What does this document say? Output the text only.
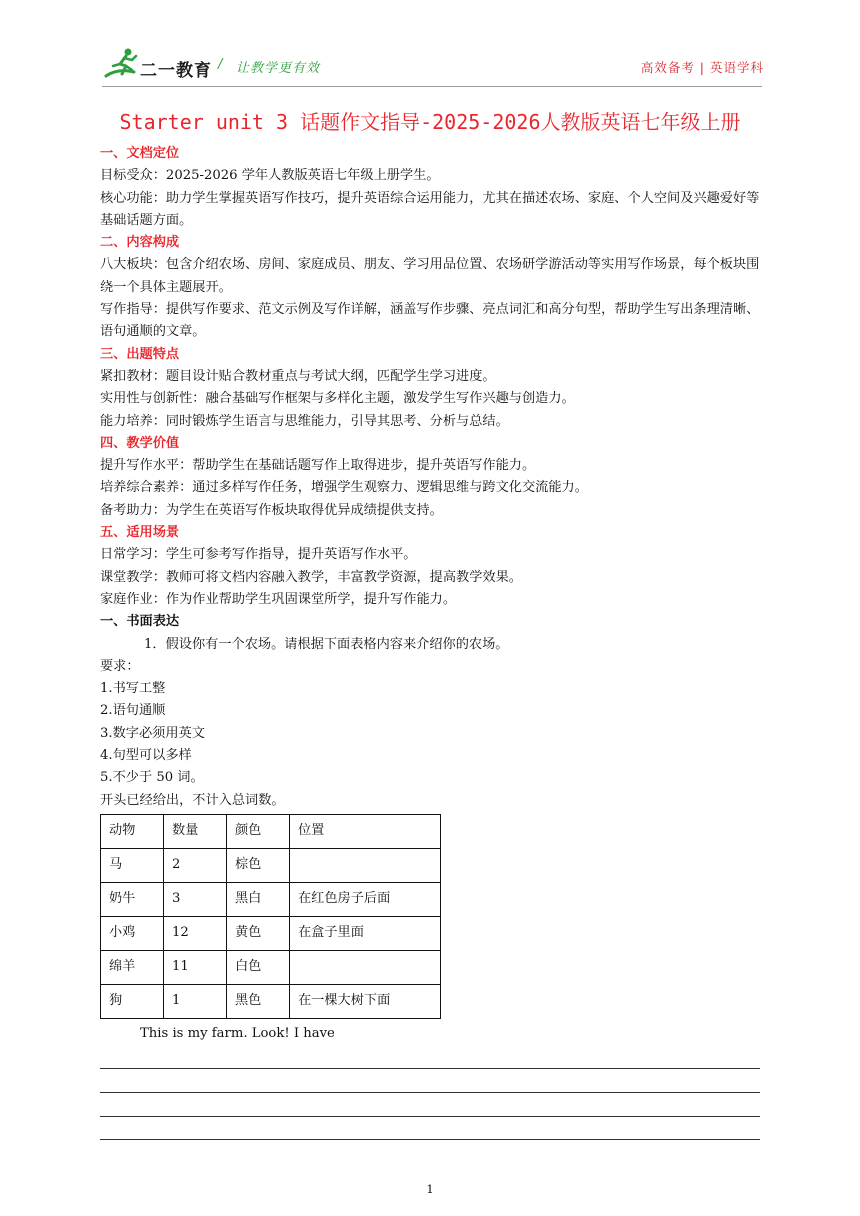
二一教育 / 让教学更有效	高效备考 | 英语学科
Starter unit 3 话题作文指导-2025-2026人教版英语七年级上册

一、文档定位

目标受众：2025-2026 学年人教版英语七年级上册学生。

核心功能：助力学生掌握英语写作技巧，提升英语综合运用能力，尤其在描述农场、家庭、个人空间及兴趣爱好等基础话题方面。

二、内容构成

八大板块：包含介绍农场、房间、家庭成员、朋友、学习用品位置、农场研学游活动等实用写作场景，每个板块围绕一个具体主题展开。

写作指导：提供写作要求、范文示例及写作详解，涵盖写作步骤、亮点词汇和高分句型，帮助学生写出条理清晰、语句通顺的文章。

三、出题特点

紧扣教材：题目设计贴合教材重点与考试大纲，匹配学生学习进度。

实用性与创新性：融合基础写作框架与多样化主题，激发学生写作兴趣与创造力。

能力培养：同时锻炼学生语言与思维能力，引导其思考、分析与总结。

四、教学价值

提升写作水平：帮助学生在基础话题写作上取得进步，提升英语写作能力。

培养综合素养：通过多样写作任务，增强学生观察力、逻辑思维与跨文化交流能力。

备考助力：为学生在英语写作板块取得优异成绩提供支持。

五、适用场景

日常学习：学生可参考写作指导，提升英语写作水平。

课堂教学：教师可将文档内容融入教学，丰富教学资源，提高教学效果。

家庭作业：作为作业帮助学生巩固课堂所学，提升写作能力。

一、书面表达

1．假设你有一个农场。请根据下面表格内容来介绍你的农场。

要求：

1.书写工整

2.语句通顺

3.数字必须用英文

4.句型可以多样

5.不少于 50 词。

开头已经给出，不计入总词数。

动物	数量	颜色	位置
马	2	棕色	
奶牛	3	黑白	在红色房子后面
小鸡	12	黄色	在盒子里面
绵羊	11	白色	
狗	1	黑色	在一棵大树下面

This is my farm. Look! I have

1
